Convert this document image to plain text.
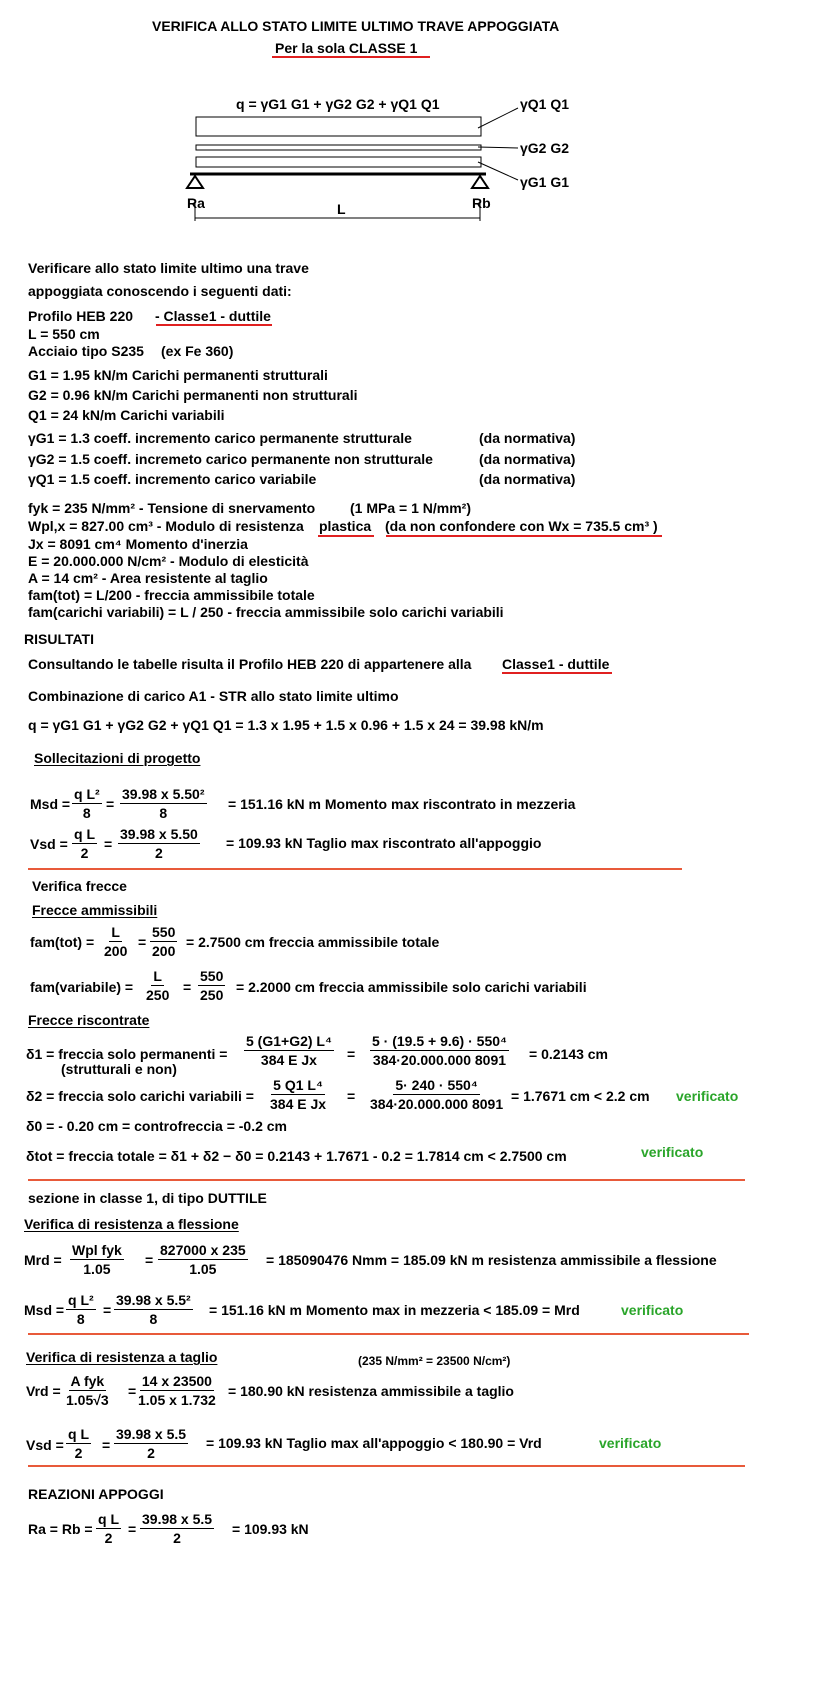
VERIFICA ALLO STATO LIMITE ULTIMO TRAVE APPOGGIATA
Per la sola CLASSE 1
q = γG1 G1 + γG2 G2 + γQ1 Q1	γQ1 Q1
γG2 G2
γG1 G1
Ra	Rb
L
Verificare allo stato limite ultimo una trave
appoggiata conoscendo i seguenti dati:
Profilo HEB 220 - Classe1 - duttile
L = 550 cm
Acciaio tipo S235 (ex Fe 360)
G1 = 1.95 kN/m Carichi permanenti strutturali
G2 = 0.96 kN/m Carichi permanenti non strutturali
Q1 = 24 kN/m Carichi variabili
γG1 = 1.3 coeff. incremento carico permanente strutturale	(da normativa)
γG2 = 1.5 coeff. incremeto carico permanente non strutturale	(da normativa)
γQ1 = 1.5 coeff. incremento carico variabile	(da normativa)
fyk = 235 N/mm² - Tensione di snervamento (1 MPa = 1 N/mm²)
Wpl,x = 827.00 cm³ - Modulo di resistenza plastica (da non confondere con Wx = 735.5 cm³ )
Jx = 8091 cm⁴ Momento d'inerzia
E = 20.000.000 N/cm² - Modulo di elesticità
A = 14 cm² - Area resistente al taglio
fam(tot) = L/200 - freccia ammissibile totale
fam(carichi variabili) = L / 250 - freccia ammissibile solo carichi variabili
RISULTATI
Consultando le tabelle risulta il Profilo HEB 220 di appartenere alla Classe1 - duttile
Combinazione di carico A1 - STR allo stato limite ultimo
q = γG1 G1 + γG2 G2 + γQ1 Q1 = 1.3 x 1.95 + 1.5 x 0.96 + 1.5 x 24 = 39.98 kN/m
Sollecitazioni di progetto
Msd = $\frac{\text{q L²}}{8} = \frac{\text{39.98 x 5.50²}}{8} = 151.16$ kN m Momento max riscontrato in mezzeria
Vsd = $\frac{\text{q L}}{2} = \frac{39.98 x 5.50}{2} = 109.93$ kN Taglio max riscontrato all'appoggio
Verifica frecce
Frecce ammissibili
$fam(tot) = \frac{L}{200} = \frac{550}{200} = 2.7500$ cm freccia ammissibile totale
fam(variabile) = $\frac{L}{250} = \frac{550}{250} = 2.2000$ cm freccia ammissibile solo carichi variabili
Frecce riscontrate
δ1 = freccia solo permanenti =
(strutturali e non)
$\frac{\text{5 (G1+G2) L⁴}}{\text{384 E Jx}} = \frac{\text{5 · (19.5 + 9.6) · 550⁴}}{384\cdot 20.000.000 8091} = 0.2143$ cm
δ2 = freccia solo carichi variabili = $\frac{\text{5 Q1 L⁴}}{\text{384 E Jx}} = \frac{\text{5· 240 · 550⁴}}{384\cdot 20.000.000 8091} = 1.7671$ cm < 2.2 cm verificato
δ0 = - 0.20 cm = controfreccia = -0.2 cm
δtot = freccia totale = δ1 + δ2 − δ0 = 0.2143 + 1.7671 - 0.2 = 1.7814 cm < 2.7500 cm	verificato
sezione in classe 1, di tipo DUTTILE
Verifica di resistenza a flessione
Mrd =
Wpl fyk
1.05
= $\frac{827000 x 235}{1.05} = 185090476$ Nmm = 185.09 kN m resistenza ammissibile a flessione
Msd = $\frac{\text{q L²}}{8} = \frac{\text{39.98 x 5.5²}}{8} = 151.16$ kN m Momento max in mezzeria < 185.09 = Mrd	verificato
Verifica di resistenza a taglio	(235 N/mm² = 23500 N/cm²)
Vrd =
A fyk
1.05√3
= $\frac{14 x 23500}{1.05 x 1.732} = 180.90$ kN resistenza ammissibile a taglio
Vsd = $\frac{\text{q L}}{2} = \frac{39.98 x 5.5}{2} = 109.93$ kN Taglio max all'appoggio < 180.90 = Vrd	verificato
REAZIONI APPOGGI
$Ra = Rb = \frac{\text{q L}}{2} = \frac{39.98 x 5.5}{2} = 109.93$ kN
